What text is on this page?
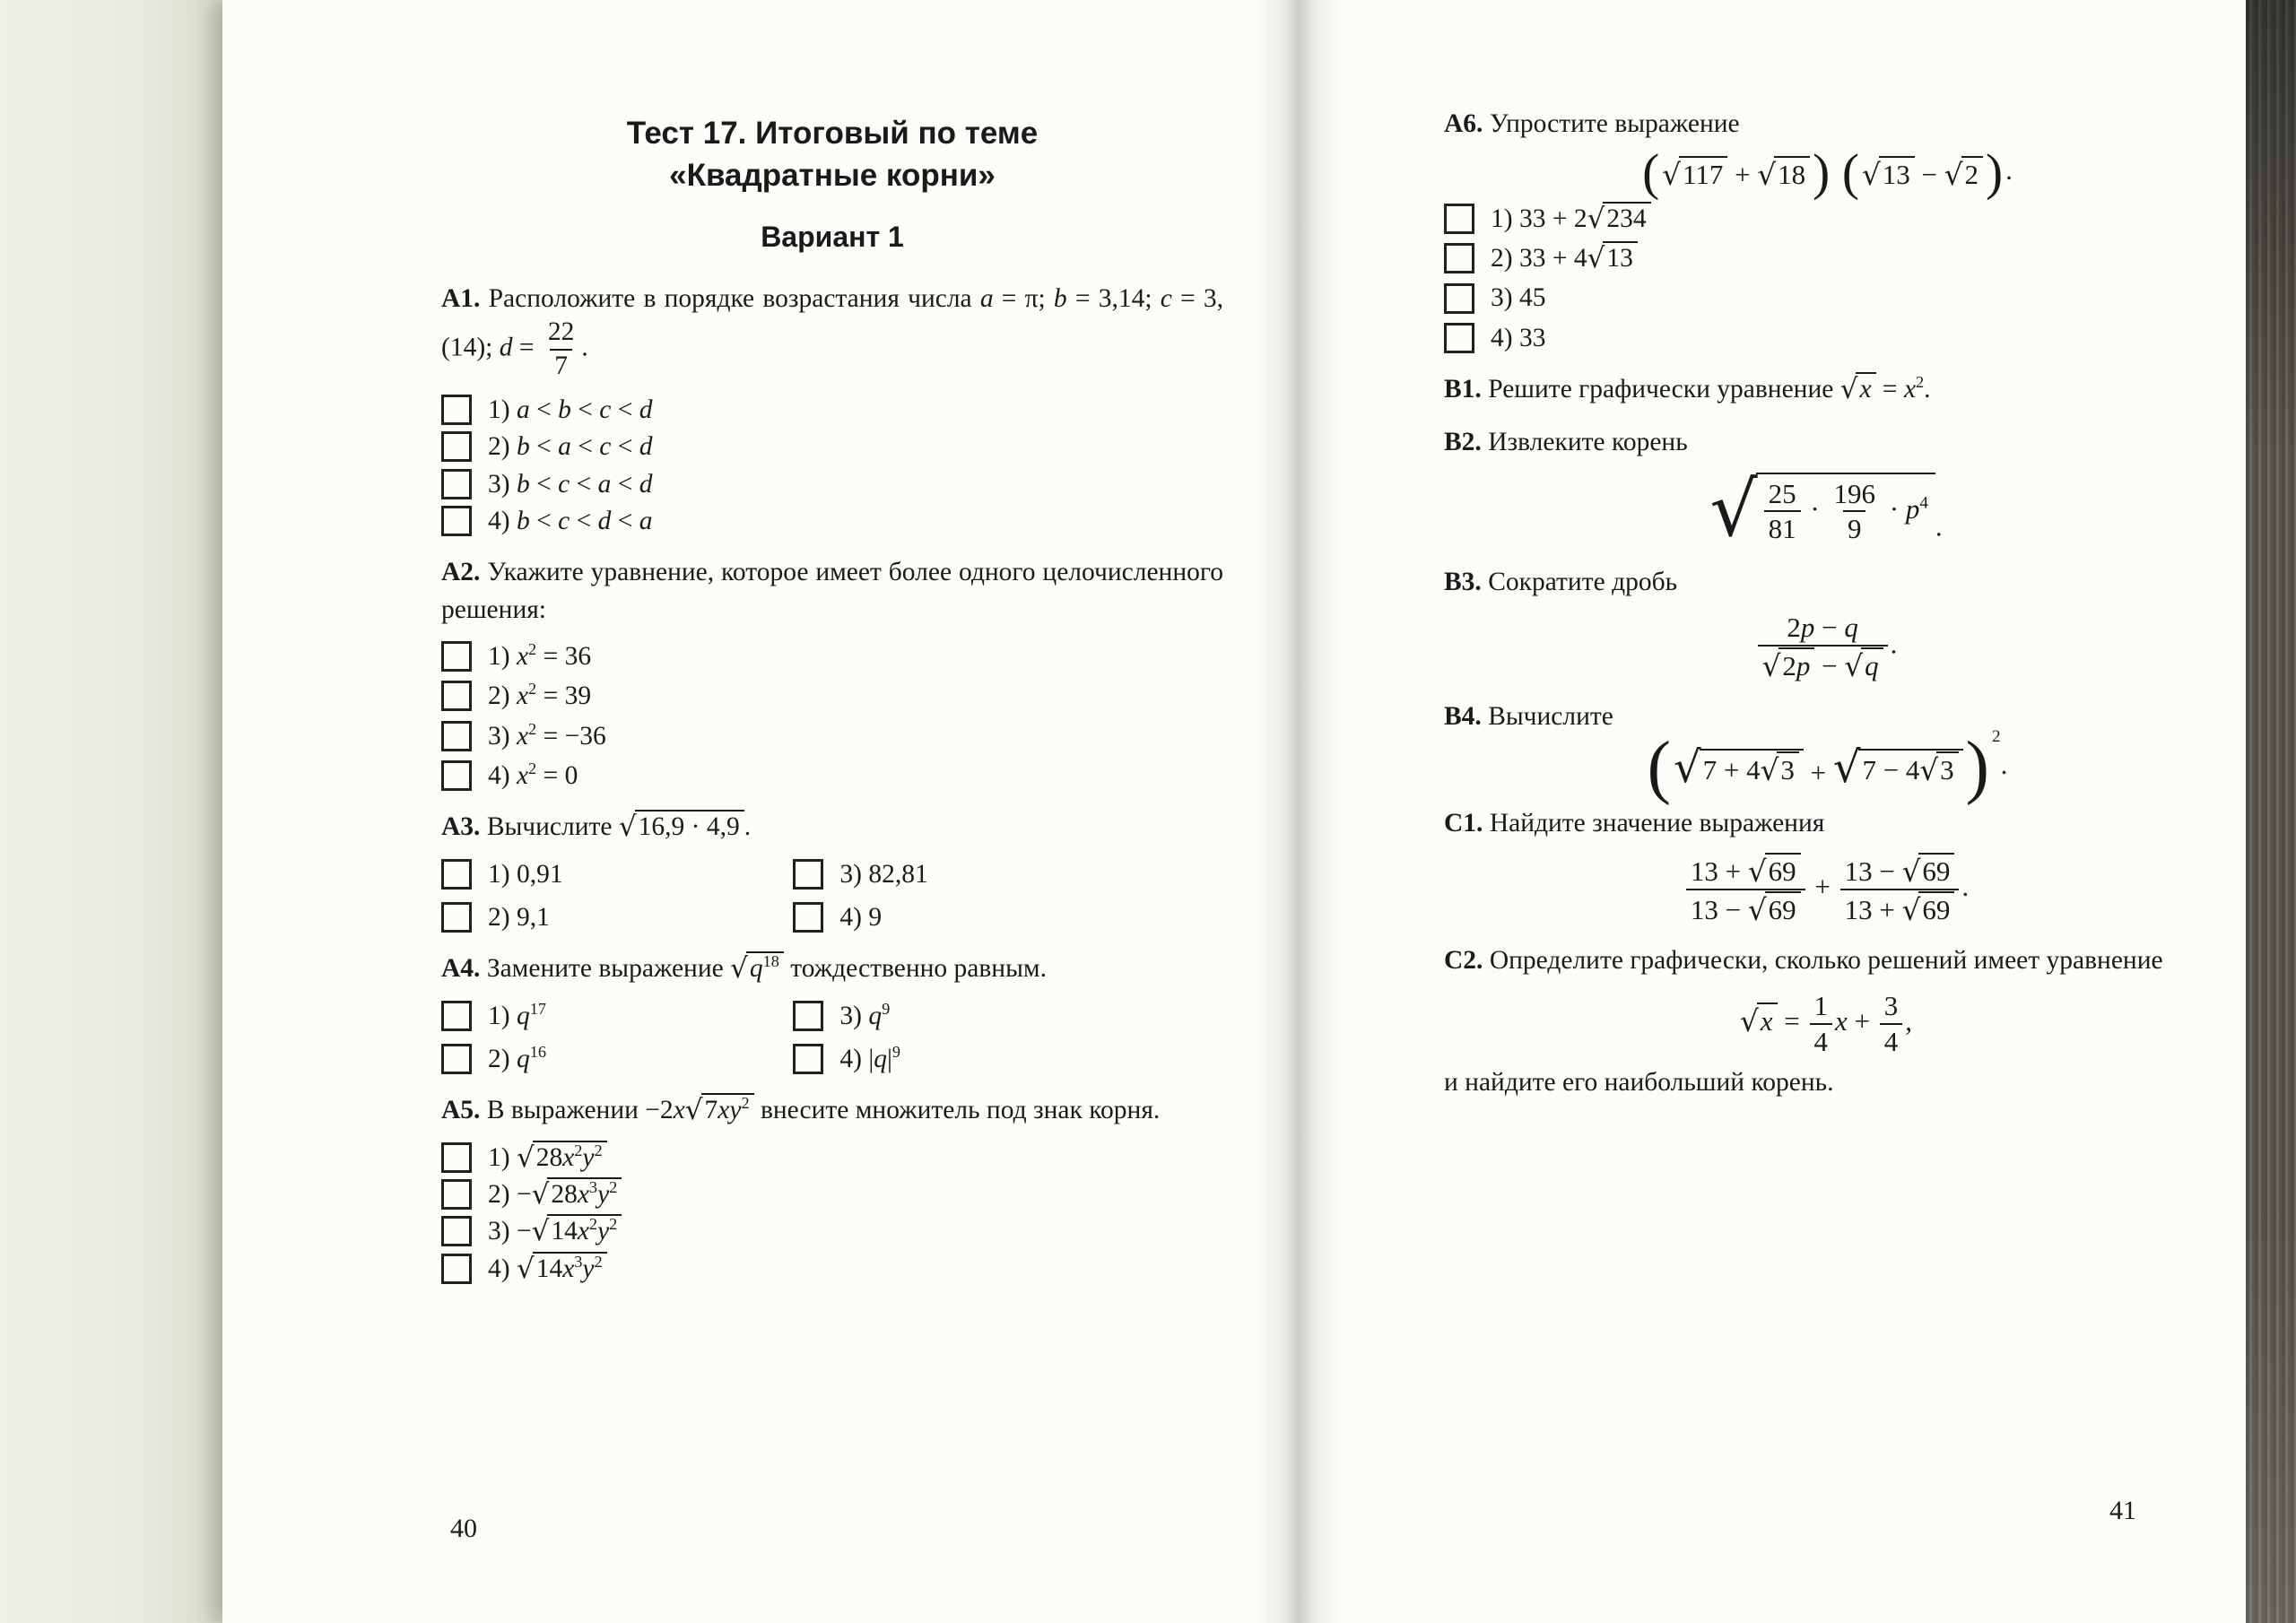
Тест 17. Итоговый по теме
«Квадратные корни»
Вариант 1
А1. Расположите в порядке возрастания числа a = π; b = 3,14; c = 3,(14); $d = \frac{22}{7}$ .
1) a < b < c < d
2) b < a < c < d
3) b < c < a < d
4) b < c < d < a
А2. Укажите уравнение, которое имеет более одного целочисленного решения:
1) $x^2 = 36$
2) $x^2 = 39$
3) $x^2 = -36$
4) $x^2 = 0$
А3. Вычислите √ 16,9 · 4,9 .
1) 0,91	3) 82,81
2) 9,1	4) 9
А4. Замените выражение √ $q^{18}$ тождественно равным.
1) $q^{17}$	3) $q^9$
2) $q^{16}$	4) $|q|^9$
А5. В выражении −2x √ $7xy^2$ внесите множитель под знак корня.
1) √ $28x^2y^2$
2) − √ $28x^3y^2$
3) − √ $14x^2y^2$
4) √ $14x^3y^2$
А6. Упростите выражение
( √ 117 + √ 18 )
( √ 13 − √ 2 ) .
1) 33 + 2 √ 234
2) 33 + 4 √ 13
3) 45
4) 33
В1. Решите графически уравнение √ $x = x^2$.
В2. Извлеките корень
√ $\frac{25}{81} \cdot \frac{196}{9} \cdot p^4$
.
В3. Сократите дробь
$\frac{2p - q}{√ 2p - √ q}$ .
В4. Вычислите
( √ 7 + 4 √ 3 + √ 7 − 4 √ 3 ) $^2$.
С1. Найдите значение выражения
$\frac{13 + √ 69}{13 - √ 69} + \frac{13 - √ 69}{13 + √ 69}$ .
С2. Определите графически, сколько решений имеет уравнение
√ $x = \frac{1}{4}$ $x + \frac{3}{4}$ ,
и найдите его наибольший корень.
40
41
